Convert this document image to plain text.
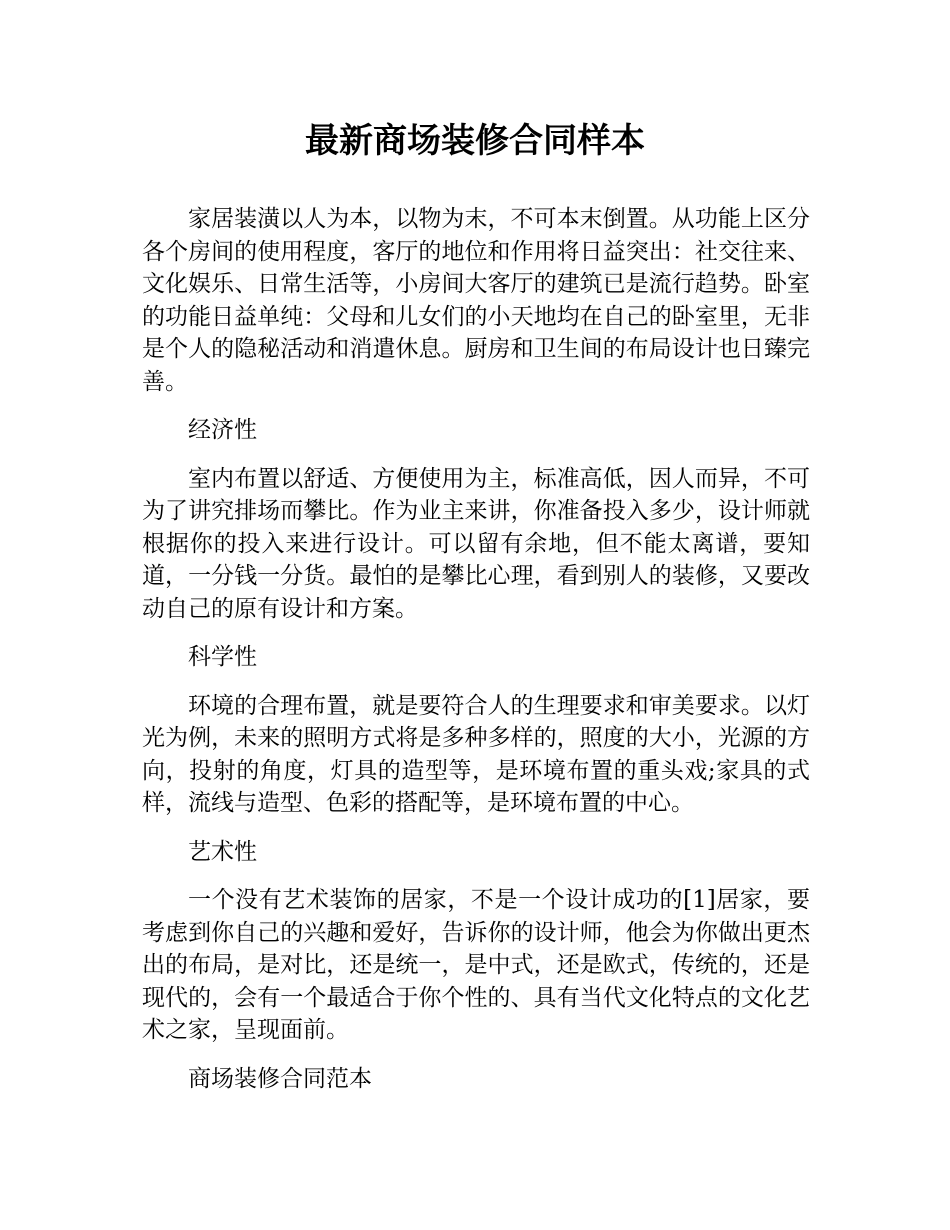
最新商场装修合同样本

家居装潢以人为本，以物为末，不可本末倒置。从功能上区分各个房间的使用程度，客厅的地位和作用将日益突出：社交往来、文化娱乐、日常生活等，小房间大客厅的建筑已是流行趋势。卧室的功能日益单纯：父母和儿女们的小天地均在自己的卧室里，无非是个人的隐秘活动和消遣休息。厨房和卫生间的布局设计也日臻完善。

经济性

室内布置以舒适、方便使用为主，标准高低，因人而异，不可为了讲究排场而攀比。作为业主来讲，你准备投入多少，设计师就根据你的投入来进行设计。可以留有余地，但不能太离谱，要知道，一分钱一分货。最怕的是攀比心理，看到别人的装修，又要改动自己的原有设计和方案。

科学性

环境的合理布置，就是要符合人的生理要求和审美要求。以灯光为例，未来的照明方式将是多种多样的，照度的大小，光源的方向，投射的角度，灯具的造型等，是环境布置的重头戏;家具的式样，流线与造型、色彩的搭配等，是环境布置的中心。

艺术性

一个没有艺术装饰的居家，不是一个设计成功的[1]居家，要考虑到你自己的兴趣和爱好，告诉你的设计师，他会为你做出更杰出的布局，是对比，还是统一，是中式，还是欧式，传统的，还是现代的，会有一个最适合于你个性的、具有当代文化特点的文化艺术之家，呈现面前。

商场装修合同范本
